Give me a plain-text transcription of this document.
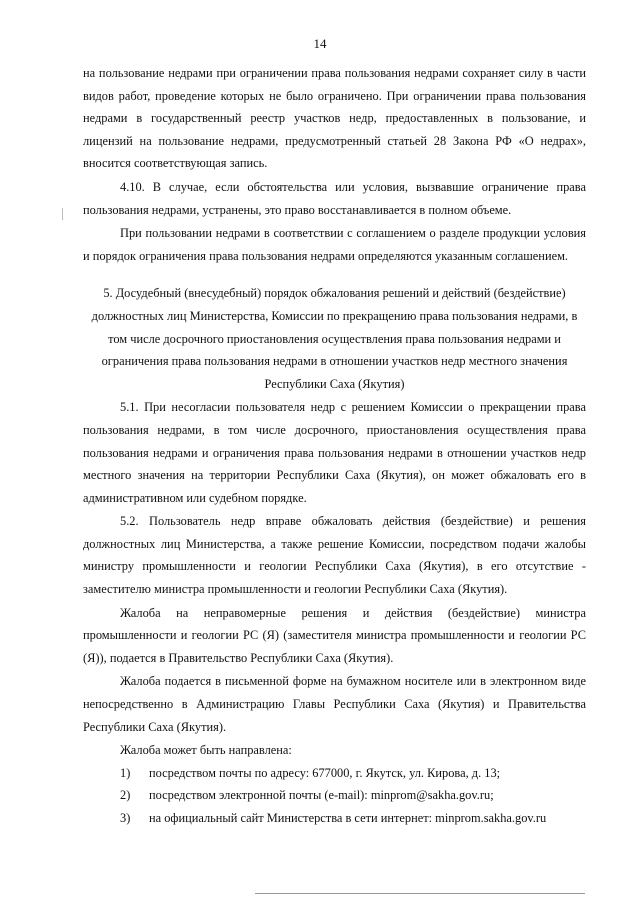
14

на пользование недрами при ограничении права пользования недрами сохраняет силу в части видов работ, проведение которых не было ограничено. При ограничении права пользования недрами в государственный реестр участков недр, предоставленных в пользование, и лицензий на пользование недрами, предусмотренный статьей 28 Закона РФ «О недрах», вносится соответствующая запись.

4.10. В случае, если обстоятельства или условия, вызвавшие ограничение права пользования недрами, устранены, это право восстанавливается в полном объеме.

При пользовании недрами в соответствии с соглашением о разделе продукции условия и порядок ограничения права пользования недрами определяются указанным соглашением.

5. Досудебный (внесудебный) порядок обжалования решений и действий (бездействие) должностных лиц Министерства, Комиссии по прекращению права пользования недрами, в том числе досрочного приостановления осуществления права пользования недрами и ограничения права пользования недрами в отношении участков недр местного значения Республики Саха (Якутия)

5.1. При несогласии пользователя недр с решением Комиссии о прекращении права пользования недрами, в том числе досрочного, приостановления осуществления права пользования недрами и ограничения права пользования недрами в отношении участков недр местного значения на территории Республики Саха (Якутия), он может обжаловать его в административном или судебном порядке.

5.2. Пользователь недр вправе обжаловать действия (бездействие) и решения должностных лиц Министерства, а также решение Комиссии, посредством подачи жалобы министру промышленности и геологии Республики Саха (Якутия), в его отсутствие - заместителю министра промышленности и геологии Республики Саха (Якутия).

Жалоба на неправомерные решения и действия (бездействие) министра промышленности и геологии РС (Я) (заместителя министра промышленности и геологии РС (Я)), подается в Правительство Республики Саха (Якутия).

Жалоба подается в письменной форме на бумажном носителе или в электронном виде непосредственно в Администрацию Главы Республики Саха (Якутия) и Правительства Республики Саха (Якутия).

Жалоба может быть направлена:

1)	посредством почты по адресу: 677000, г. Якутск, ул. Кирова, д. 13;
2)	посредством электронной почты (e-mail): minprom@sakha.gov.ru;
3)	на официальный сайт Министерства в сети интернет: minprom.sakha.gov.ru
